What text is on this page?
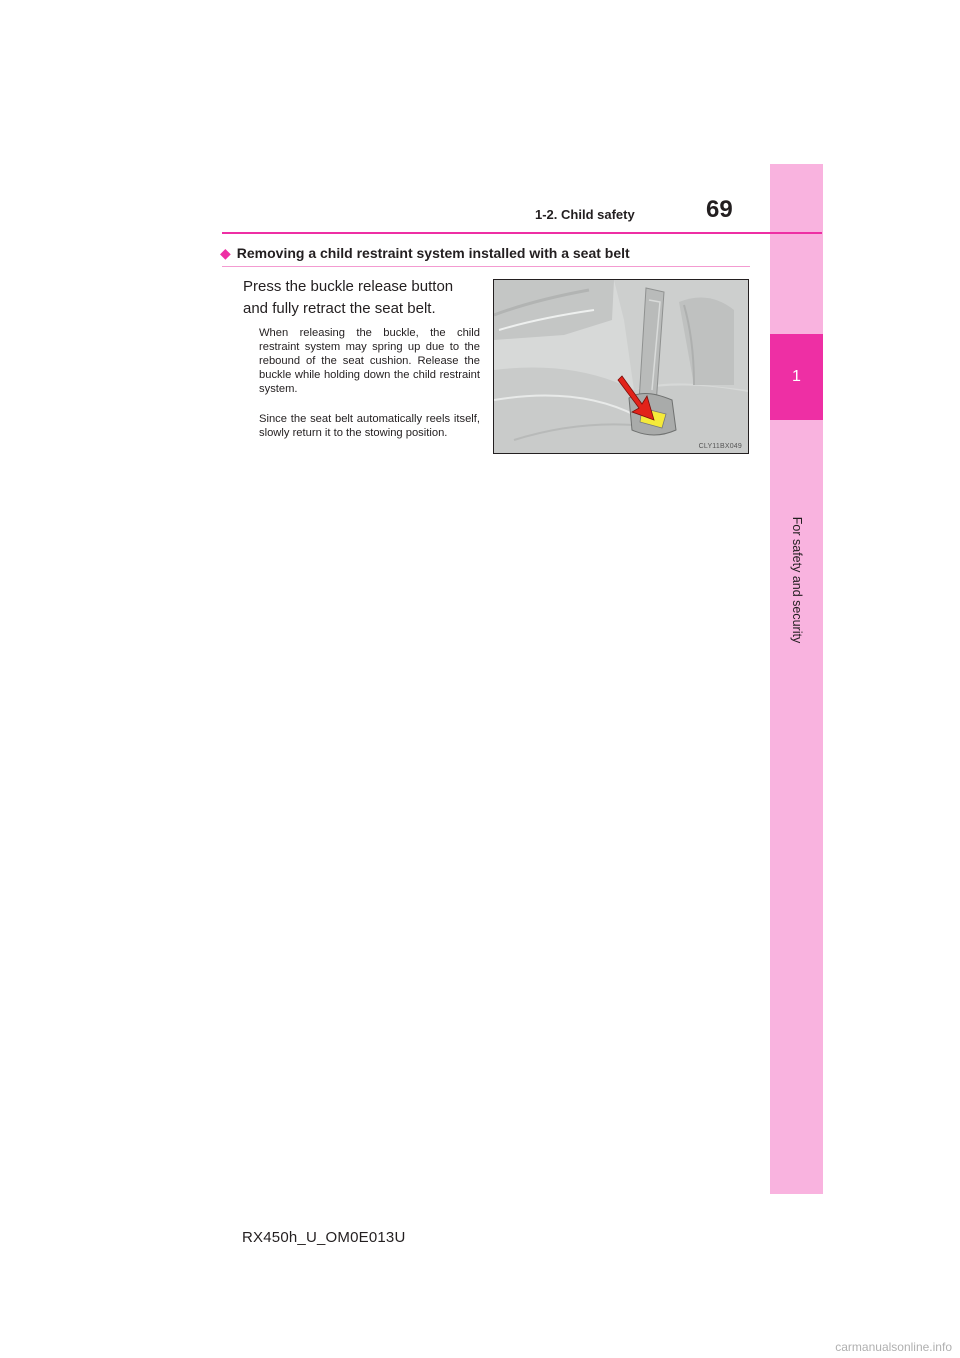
1
For safety and security
1-2. Child safety	69
◆ Removing a child restraint system installed with a seat belt
Press the buckle release button and fully retract the seat belt.
When releasing the buckle, the child restraint system may spring up due to the rebound of the seat cushion. Release the buckle while holding down the child restraint system.
Since the seat belt automatically reels itself, slowly return it to the stowing position.
CLY11BX049
RX450h_U_OM0E013U
carmanualsonline.info
